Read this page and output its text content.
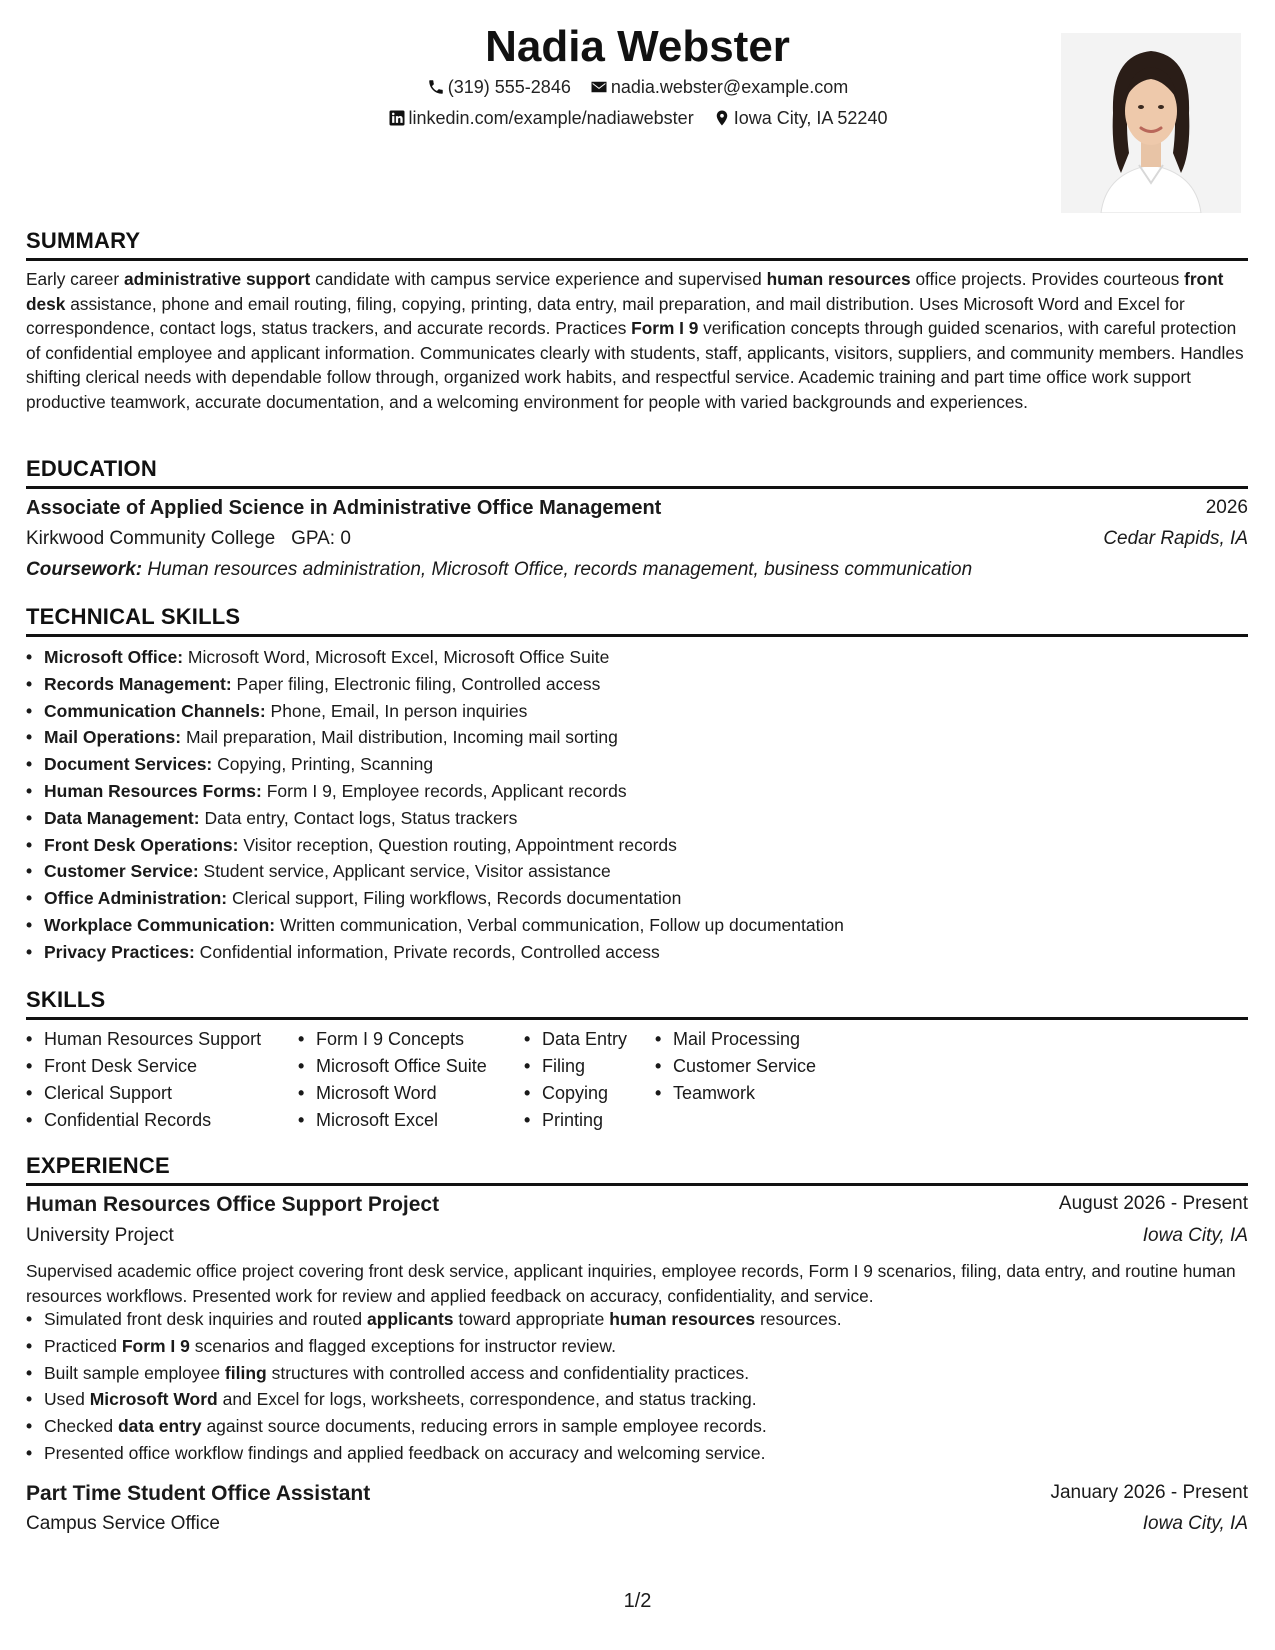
Nadia Webster
(319) 555-2846 nadia.webster@example.com
linkedin.com/example/nadiawebster Iowa City, IA 52240
SUMMARY
Early career administrative support candidate with campus service experience and supervised human resources office projects. Provides courteous front desk assistance, phone and email routing, filing, copying, printing, data entry, mail preparation, and mail distribution. Uses Microsoft Word and Excel for correspondence, contact logs, status trackers, and accurate records. Practices Form I 9 verification concepts through guided scenarios, with careful protection of confidential employee and applicant information. Communicates clearly with students, staff, applicants, visitors, suppliers, and community members. Handles shifting clerical needs with dependable follow through, organized work habits, and respectful service. Academic training and part time office work support productive teamwork, accurate documentation, and a welcoming environment for people with varied backgrounds and experiences.
EDUCATION
Associate of Applied Science in Administrative Office Management	2026
Kirkwood Community College GPA: 0	Cedar Rapids, IA
Coursework: Human resources administration, Microsoft Office, records management, business communication
TECHNICAL SKILLS
• Microsoft Office: Microsoft Word, Microsoft Excel, Microsoft Office Suite
• Records Management: Paper filing, Electronic filing, Controlled access
• Communication Channels: Phone, Email, In person inquiries
• Mail Operations: Mail preparation, Mail distribution, Incoming mail sorting
• Document Services: Copying, Printing, Scanning
• Human Resources Forms: Form I 9, Employee records, Applicant records
• Data Management: Data entry, Contact logs, Status trackers
• Front Desk Operations: Visitor reception, Question routing, Appointment records
• Customer Service: Student service, Applicant service, Visitor assistance
• Office Administration: Clerical support, Filing workflows, Records documentation
• Workplace Communication: Written communication, Verbal communication, Follow up documentation
• Privacy Practices: Confidential information, Private records, Controlled access
SKILLS
• Human Resources Support
• Front Desk Service
• Clerical Support
• Confidential Records
• Form I 9 Concepts
• Microsoft Office Suite
• Microsoft Word
• Microsoft Excel
• Data Entry
• Filing
• Copying
• Printing
• Mail Processing
• Customer Service
• Teamwork
EXPERIENCE
Human Resources Office Support Project	August 2026 - Present
University Project	Iowa City, IA
Supervised academic office project covering front desk service, applicant inquiries, employee records, Form I 9 scenarios, filing, data entry, and routine human resources workflows. Presented work for review and applied feedback on accuracy, confidentiality, and service.
• Simulated front desk inquiries and routed applicants toward appropriate human resources resources.
• Practiced Form I 9 scenarios and flagged exceptions for instructor review.
• Built sample employee filing structures with controlled access and confidentiality practices.
• Used Microsoft Word and Excel for logs, worksheets, correspondence, and status tracking.
• Checked data entry against source documents, reducing errors in sample employee records.
• Presented office workflow findings and applied feedback on accuracy and welcoming service.
Part Time Student Office Assistant	January 2026 - Present
Campus Service Office	Iowa City, IA
1/2
